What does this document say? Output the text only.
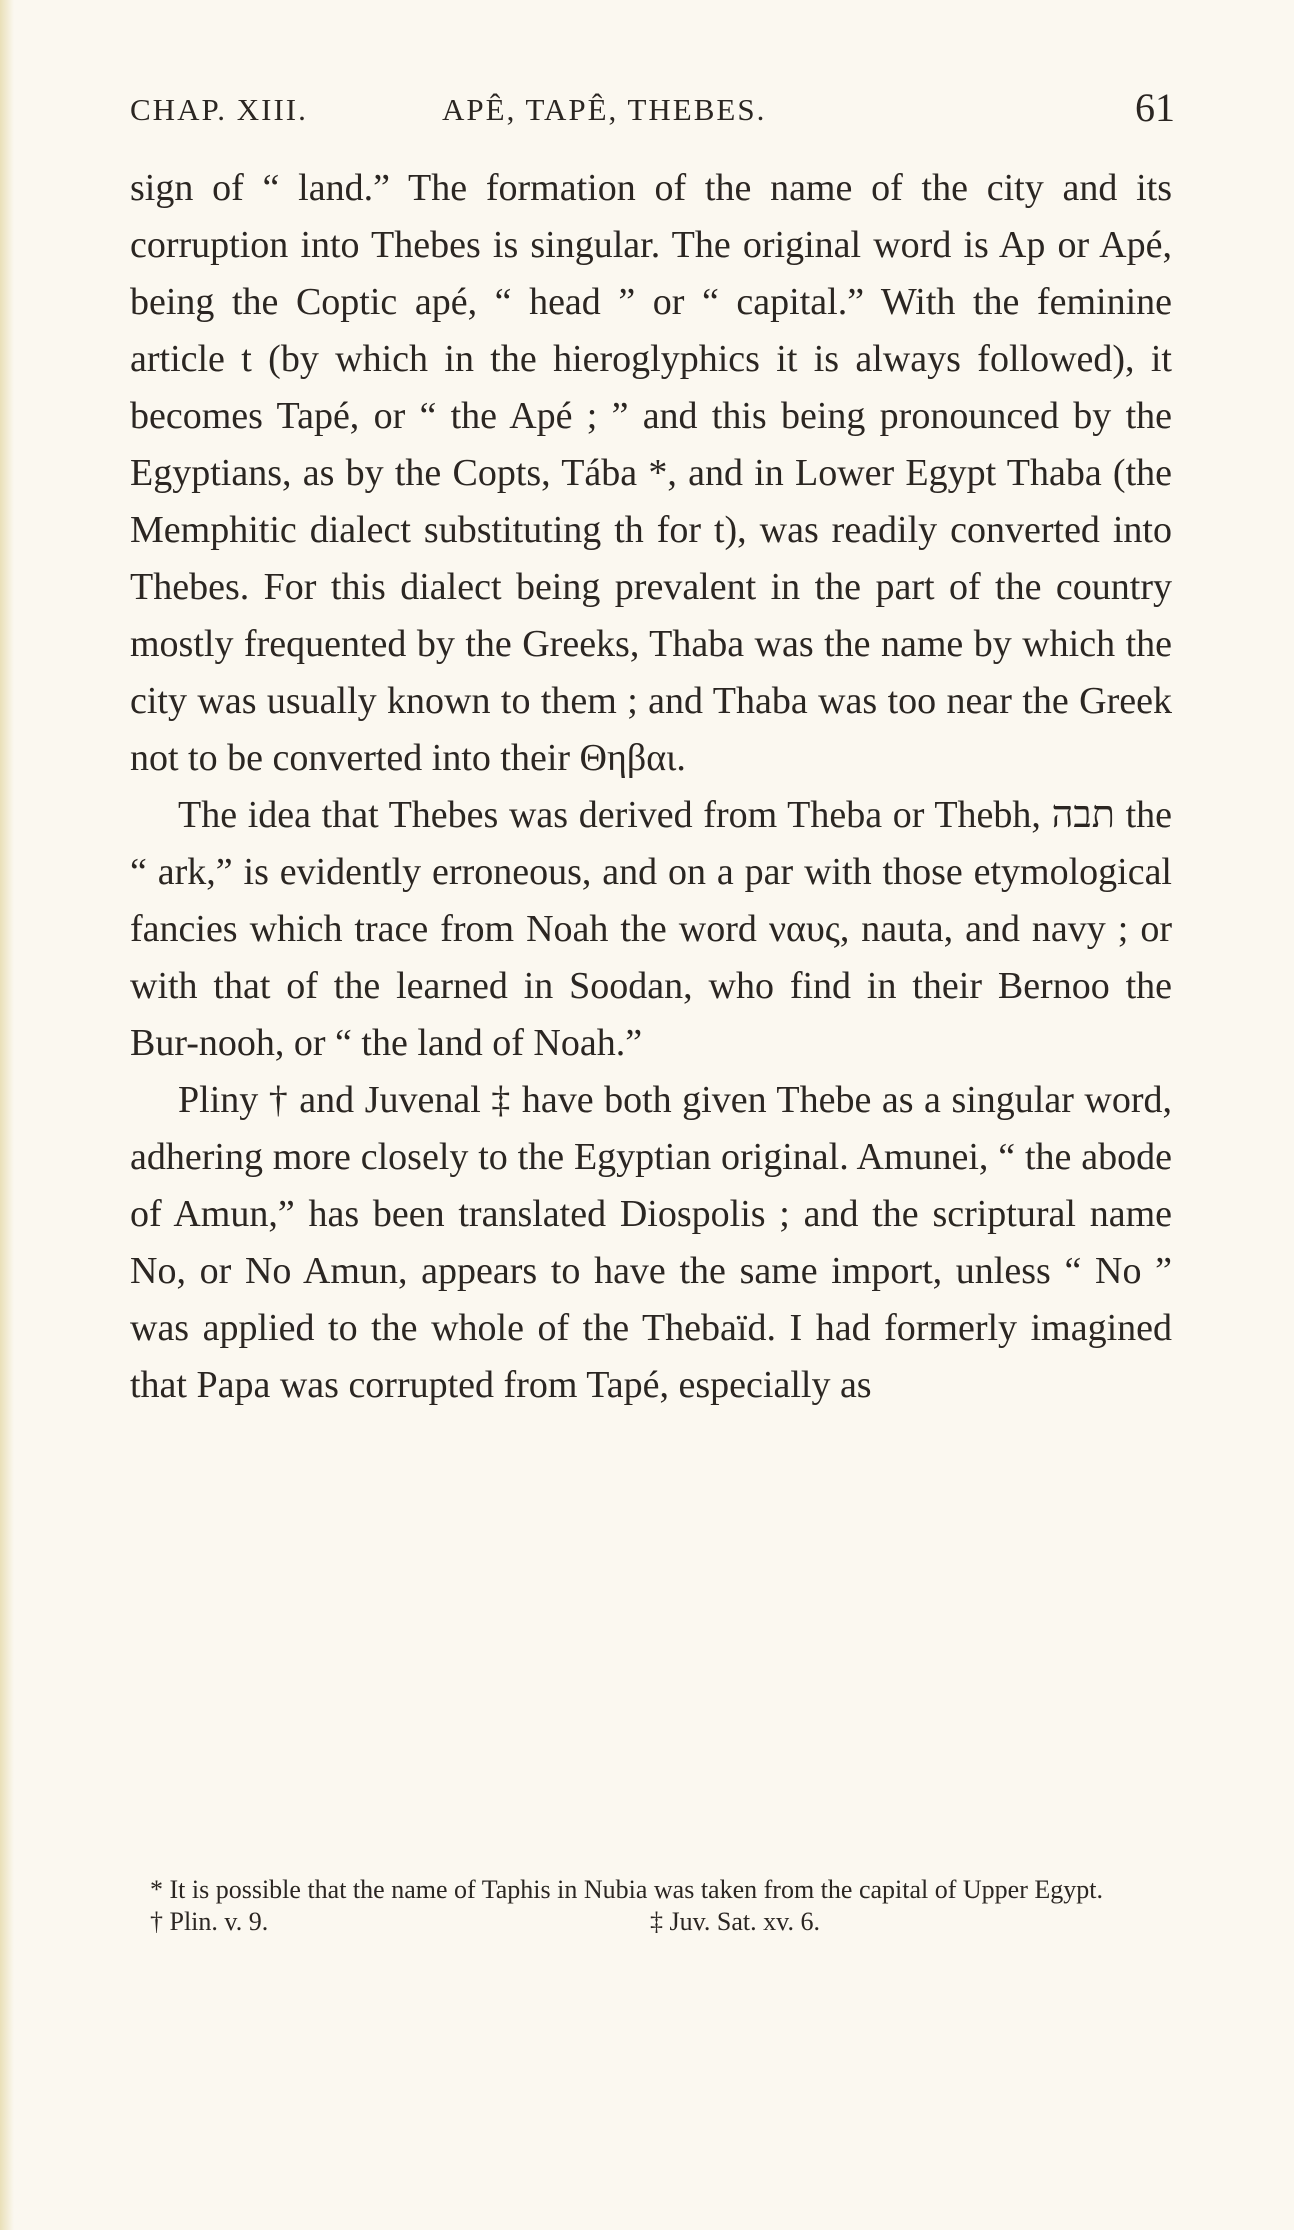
CHAP. XIII.	APÊ, TAPÊ, THEBES.	61

sign of “ land.” The formation of the name of the city and its corruption into Thebes is singular. The original word is Ap or Apé, being the Coptic apé, “ head ” or “ capital.” With the feminine article t (by which in the hieroglyphics it is always followed), it becomes Tapé, or “ the Apé ; ” and this being pronounced by the Egyptians, as by the Copts, Tába *, and in Lower Egypt Thaba (the Memphitic dialect substituting th for t), was readily converted into Thebes. For this dialect being prevalent in the part of the country mostly frequented by the Greeks, Thaba was the name by which the city was usually known to them ; and Thaba was too near the Greek not to be converted into their Θηβαι.

The idea that Thebes was derived from Theba or Thebh, תבה the “ ark,” is evidently erroneous, and on a par with those etymological fancies which trace from Noah the word ναυς, nauta, and navy ; or with that of the learned in Soodan, who find in their Bernoo the Bur-nooh, or “ the land of Noah.”

Pliny † and Juvenal ‡ have both given Thebe as a singular word, adhering more closely to the Egyptian original. Amunei, “ the abode of Amun,” has been translated Diospolis ; and the scriptural name No, or No Amun, appears to have the same import, unless “ No ” was applied to the whole of the Thebaïd. I had formerly imagined that Papa was corrupted from Tapé, especially as

* It is possible that the name of Taphis in Nubia was taken from the capital of Upper Egypt.

† Plin. v. 9.	‡ Juv. Sat. xv. 6.
